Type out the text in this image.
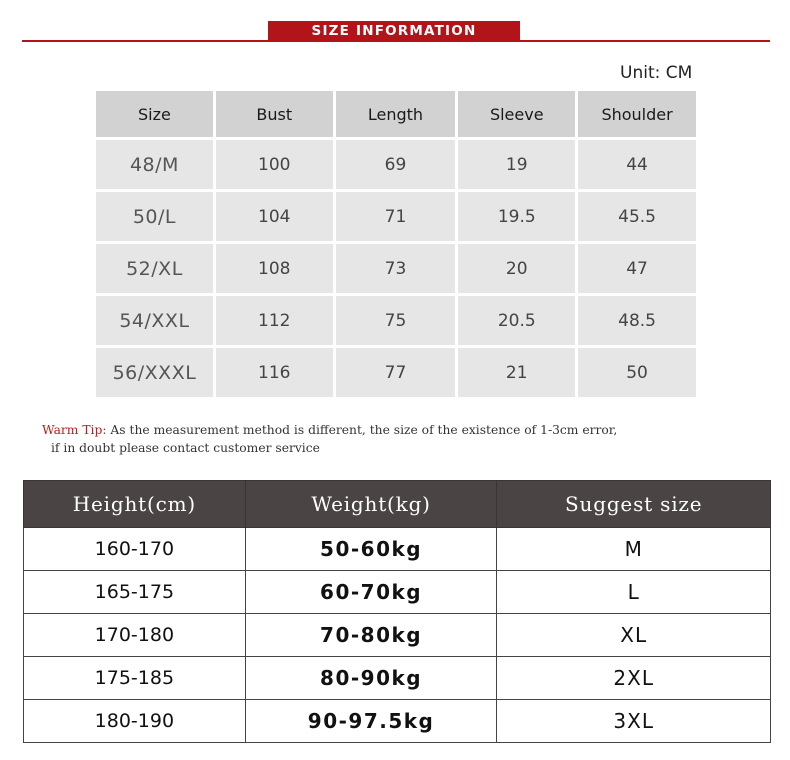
SIZE INFORMATION
Unit: CM
Size	Bust	Length	Sleeve	Shoulder
48/M	100	69	19	44
50/L	104	71	19.5	45.5
52/XL	108	73	20	47
54/XXL	112	75	20.5	48.5
56/XXXL	116	77	21	50
Warm Tip: As the measurement method is different, the size of the existence of 1-3cm error,
if in doubt please contact customer service
Height(cm)	Weight(kg)	Suggest size
160-170	50-60kg	M
165-175	60-70kg	L
170-180	70-80kg	XL
175-185	80-90kg	2XL
180-190	90-97.5kg	3XL
